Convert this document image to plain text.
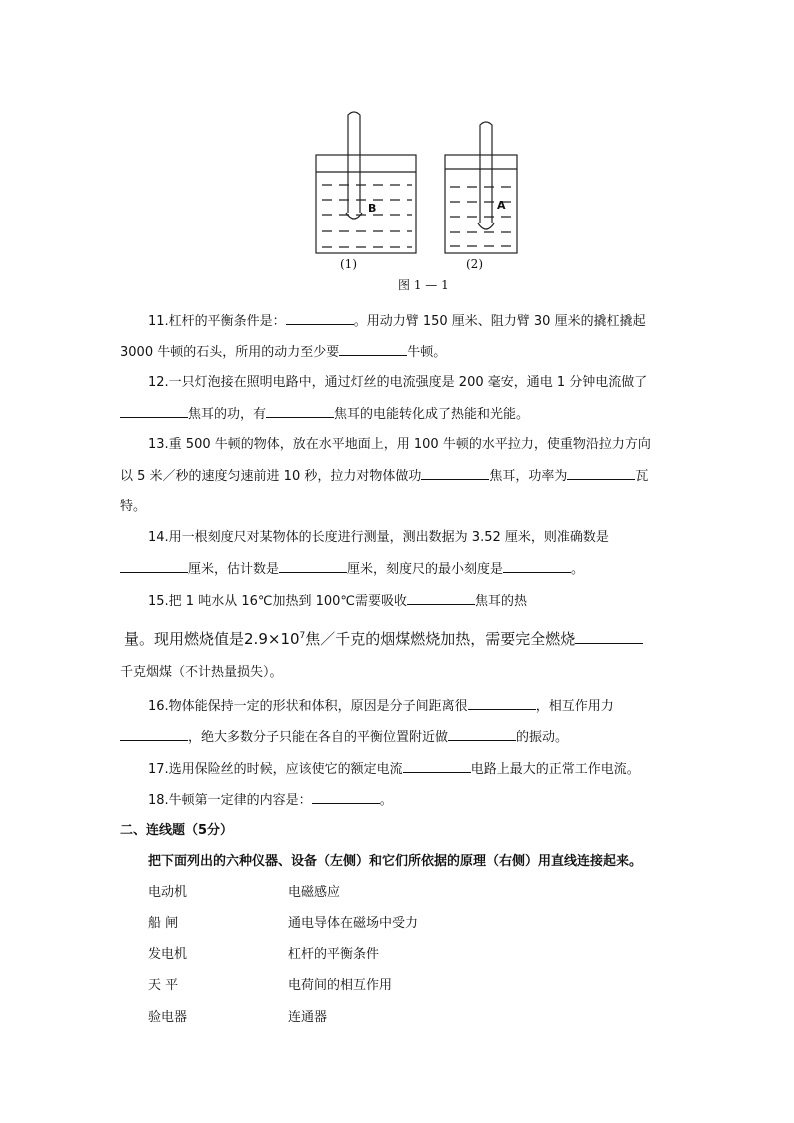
B	A
(1)	(2)
图 1 — 1
11.杠杆的平衡条件是：	。用动力臂 150 厘米、阻力臂 30 厘米的撬杠撬起
3000 牛顿的石头，所用的动力至少要	牛顿。
12.一只灯泡接在照明电路中，通过灯丝的电流强度是 200 毫安，通电 1 分钟电流做了
焦耳的功，有	焦耳的电能转化成了热能和光能。
13.重 500 牛顿的物体，放在水平地面上，用 100 牛顿的水平拉力，使重物沿拉力方向
以 5 米／秒的速度匀速前进 10 秒，拉力对物体做功	焦耳，功率为	瓦
特。
14.用一根刻度尺对某物体的长度进行测量，测出数据为 3.52 厘米，则准确数是
厘米，估计数是	厘米，刻度尺的最小刻度是	。
15.把 1 吨水从 16℃加热到 100℃需要吸收	焦耳的热
量。现用燃烧值是$2.9\times 10^7$焦／千克的烟煤燃烧加热，需要完全燃烧
千克烟煤（不计热量损失）。
16.物体能保持一定的形状和体积，原因是分子间距离很	，相互作用力
，绝大多数分子只能在各自的平衡位置附近做	的振动。
17.选用保险丝的时候，应该使它的额定电流	电路上最大的正常工作电流。
18.牛顿第一定律的内容是：	。
二、连线题（5分）
把下面列出的六种仪器、设备（左侧）和它们所依据的原理（右侧）用直线连接起来。
电动机	电磁感应
船 闸	通电导体在磁场中受力
发电机	杠杆的平衡条件
天 平	电荷间的相互作用
验电器	连通器
